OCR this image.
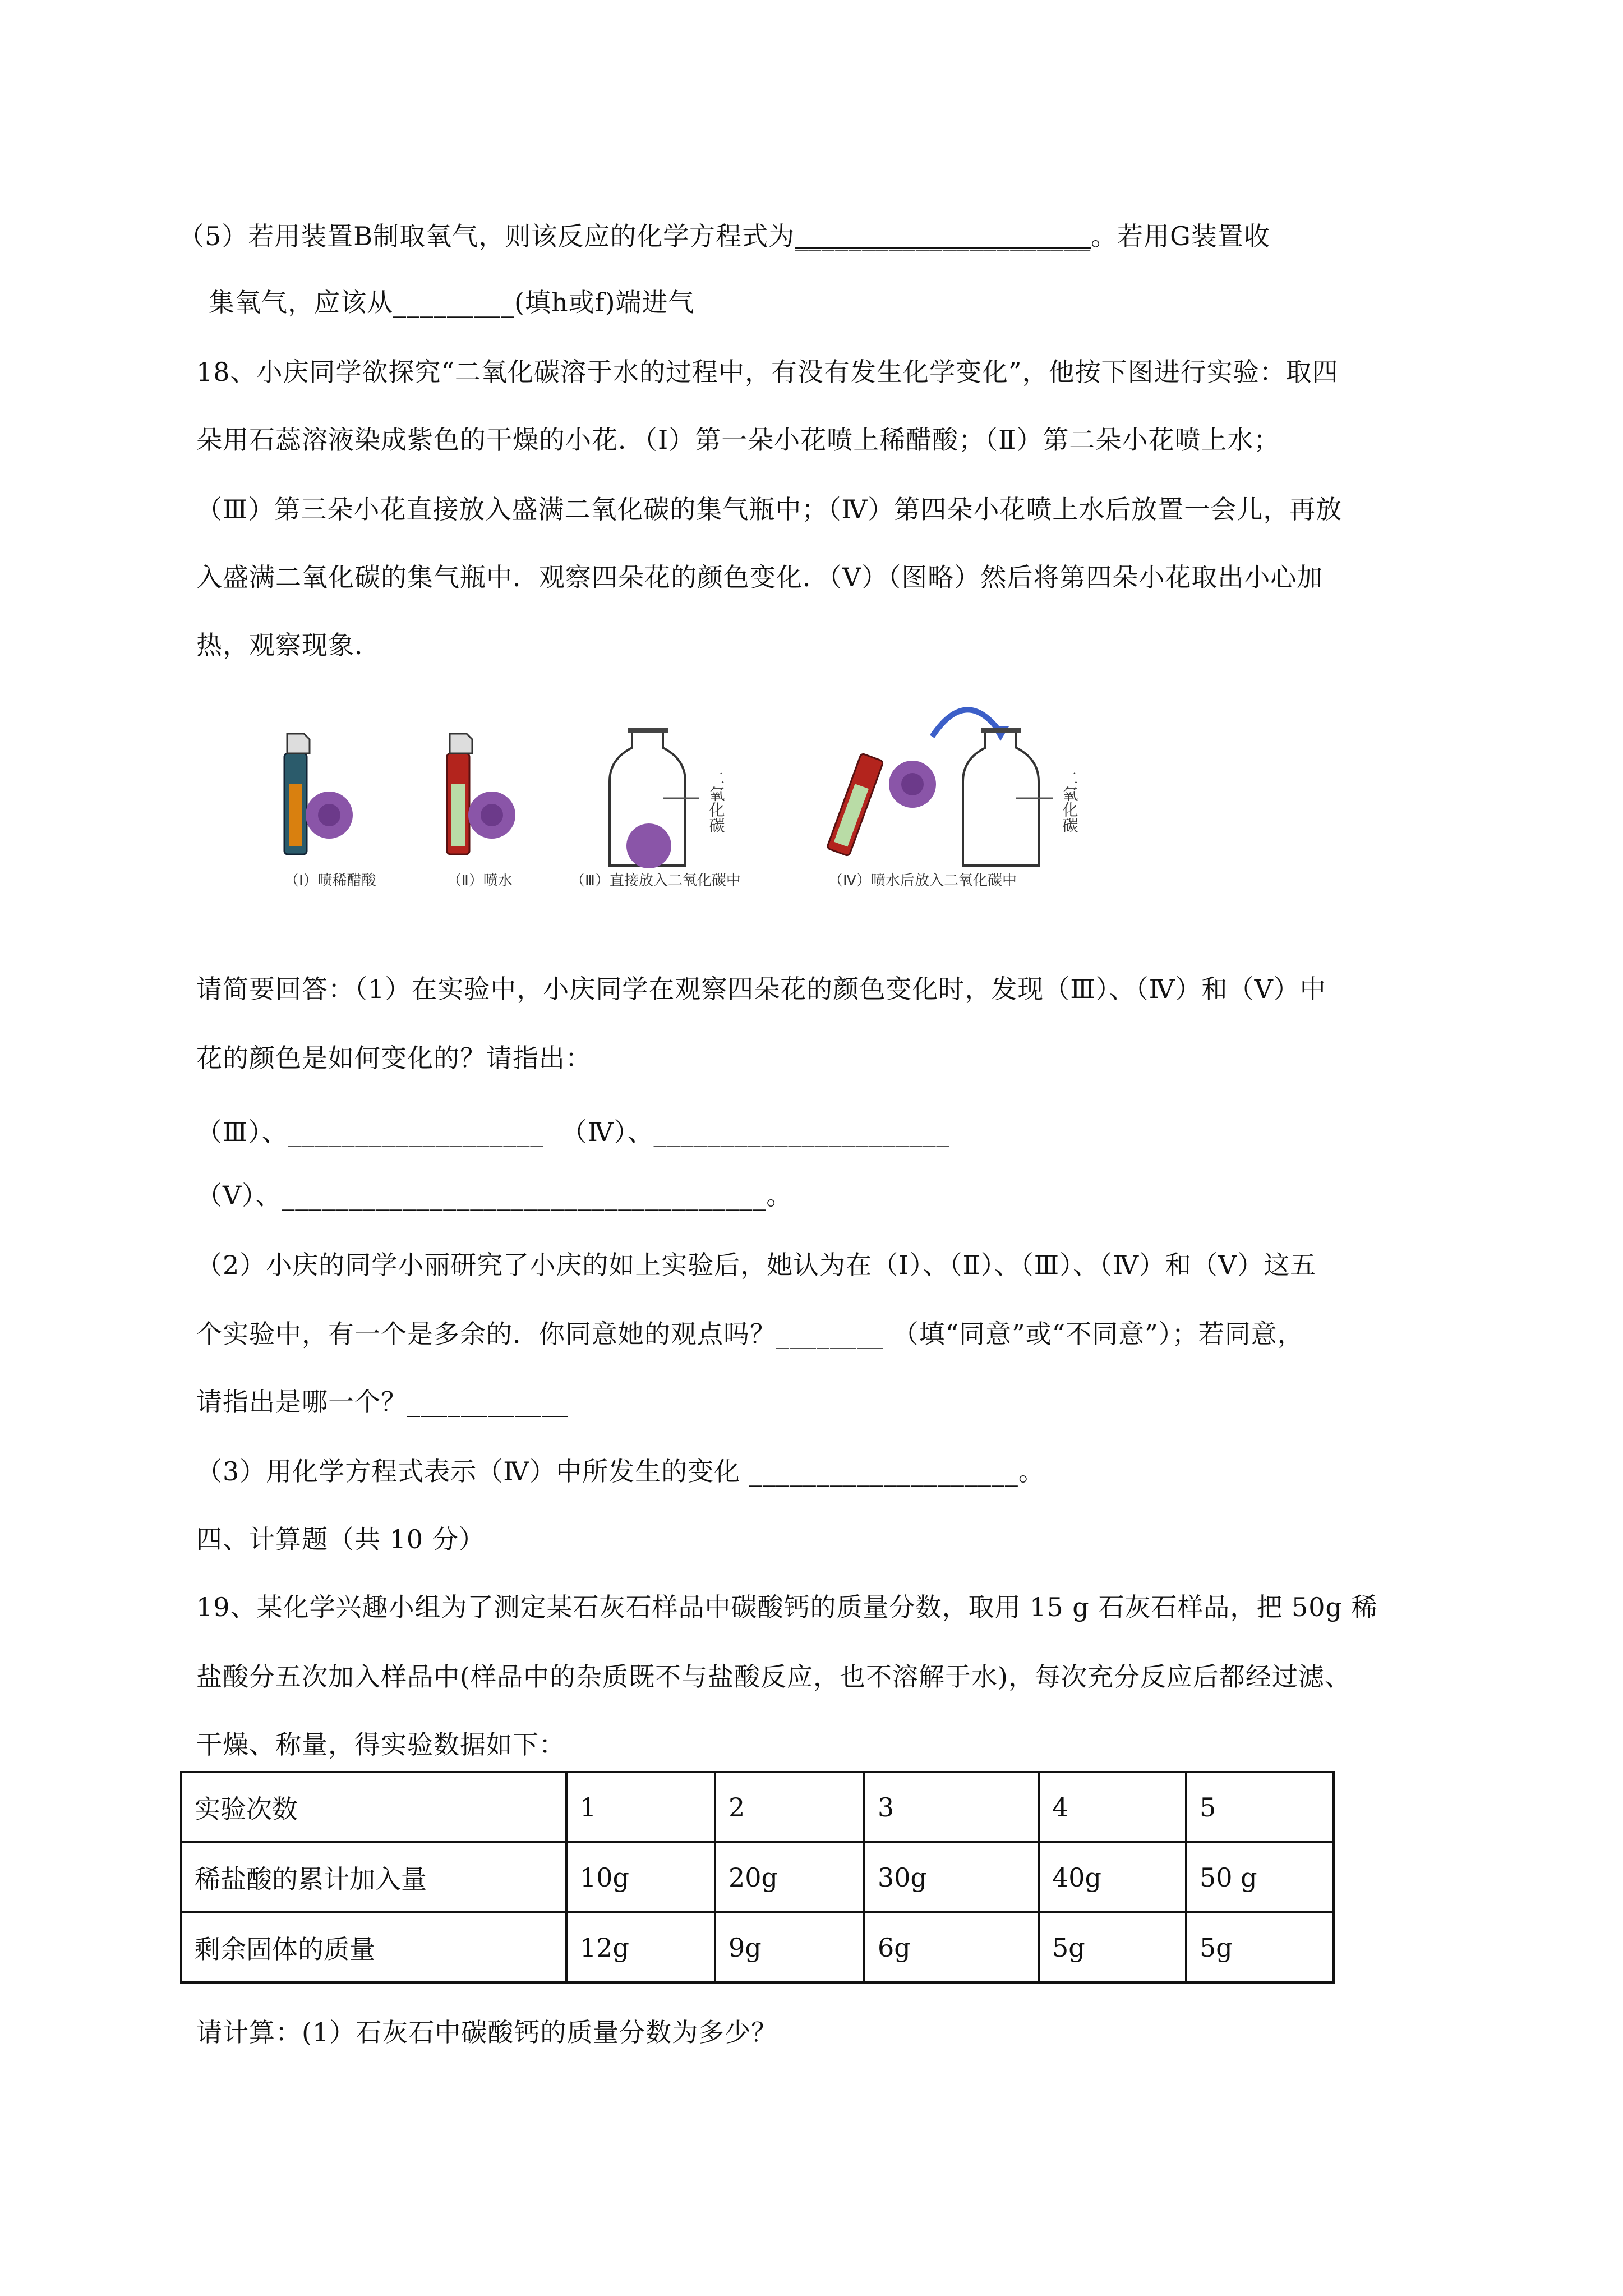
（5）若用装置B制取氧气，则该反应的化学方程式为______________________。若用G装置收
集氧气，应该从_________(填h或f)端进气
18、小庆同学欲探究“二氧化碳溶于水的过程中，有没有发生化学变化”，他按下图进行实验：取四
朵用石蕊溶液染成紫色的干燥的小花．（Ⅰ）第一朵小花喷上稀醋酸；（Ⅱ）第二朵小花喷上水；
（Ⅲ）第三朵小花直接放入盛满二氧化碳的集气瓶中；（Ⅳ）第四朵小花喷上水后放置一会儿，再放
入盛满二氧化碳的集气瓶中．观察四朵花的颜色变化．（Ⅴ）（图略）然后将第四朵小花取出小心加
热，观察现象．
二氧化碳	二氧化碳
（Ⅰ）喷稀醋酸	（Ⅱ）喷水	（Ⅲ）直接放入二氧化碳中	（Ⅳ）喷水后放入二氧化碳中
请简要回答：（1）在实验中，小庆同学在观察四朵花的颜色变化时，发现（Ⅲ）、（Ⅳ）和（Ⅴ）中
花的颜色是如何变化的？请指出：
（Ⅲ）、___________________  （Ⅳ）、______________________
（Ⅴ）、____________________________________。
（2）小庆的同学小丽研究了小庆的如上实验后，她认为在（Ⅰ）、（Ⅱ）、（Ⅲ）、（Ⅳ）和（Ⅴ）这五
个实验中，有一个是多余的．你同意她的观点吗？________ （填“同意”或“不同意”）；若同意，
请指出是哪一个？____________
（3）用化学方程式表示（Ⅳ）中所发生的变化 ____________________。
四、计算题（共 10 分）
19、某化学兴趣小组为了测定某石灰石样品中碳酸钙的质量分数，取用 15 g 石灰石样品，把 50g 稀
盐酸分五次加入样品中(样品中的杂质既不与盐酸反应，也不溶解于水)，每次充分反应后都经过滤、
干燥、称量，得实验数据如下：
实验次数	1	2	3	4	5
稀盐酸的累计加入量	10g	20g	30g	40g	50 g
剩余固体的质量	12g	9g	6g	5g	5g
请计算：(1）石灰石中碳酸钙的质量分数为多少？
